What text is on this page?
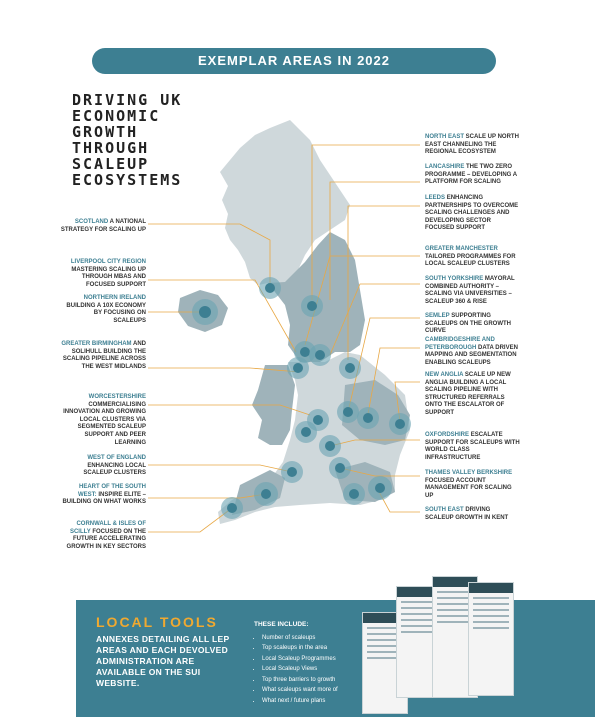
EXEMPLAR AREAS IN 2022
DRIVING UK
ECONOMIC
GROWTH
THROUGH
SCALEUP
ECOSYSTEMS
SCOTLAND A NATIONAL STRATEGY FOR SCALING UP
LIVERPOOL CITY REGION MASTERING SCALING UP THROUGH MBAS AND FOCUSED SUPPORT
NORTHERN IRELAND BUILDING A 10X ECONOMY BY FOCUSING ON SCALEUPS
GREATER BIRMINGHAM AND SOLIHULL BUILDING THE SCALING PIPELINE ACROSS THE WEST MIDLANDS
WORCESTERSHIRE COMMERCIALISING INNOVATION AND GROWING LOCAL CLUSTERS VIA SEGMENTED SCALEUP SUPPORT AND PEER LEARNING
WEST OF ENGLAND ENHANCING LOCAL SCALEUP CLUSTERS
HEART OF THE SOUTH WEST: INSPIRE ELITE – BUILDING ON WHAT WORKS
CORNWALL & ISLES OF SCILLY FOCUSED ON THE FUTURE ACCELERATING GROWTH IN KEY SECTORS
NORTH EAST SCALE UP NORTH EAST CHANNELING THE REGIONAL ECOSYSTEM
LANCASHIRE THE TWO ZERO PROGRAMME – DEVELOPING A PLATFORM FOR SCALING
LEEDS ENHANCING PARTNERSHIPS TO OVERCOME SCALING CHALLENGES AND DEVELOPING SECTOR FOCUSED SUPPORT
GREATER MANCHESTER TAILORED PROGRAMMES FOR LOCAL SCALEUP CLUSTERS
SOUTH YORKSHIRE MAYORAL COMBINED AUTHORITY – SCALING VIA UNIVERSITIES – SCALEUP 360 & RISE
SEMLEP SUPPORTING SCALEUPS ON THE GROWTH CURVE
CAMBRIDGESHIRE AND PETERBOROUGH DATA DRIVEN MAPPING AND SEGMENTATION ENABLING SCALEUPS
NEW ANGLIA SCALE UP NEW ANGLIA BUILDING A LOCAL SCALING PIPELINE WITH STRUCTURED REFERRALS ONTO THE ESCALATOR OF SUPPORT
OXFORDSHIRE ESCALATE SUPPORT FOR SCALEUPS WITH WORLD CLASS INFRASTRUCTURE
THAMES VALLEY BERKSHIRE FOCUSED ACCOUNT MANAGEMENT FOR SCALING UP
SOUTH EAST DRIVING SCALEUP GROWTH IN KENT
LOCAL TOOLS
ANNEXES DETAILING ALL LEP AREAS AND EACH DEVOLVED ADMINISTRATION ARE AVAILABLE ON THE SUI WEBSITE.
THESE INCLUDE:
• Number of scaleups
• Top scaleups in the area
• Local Scaleup Programmes
• Local Scaleup Views
• Top three barriers to growth
• What scaleups want more of
• What next / future plans
